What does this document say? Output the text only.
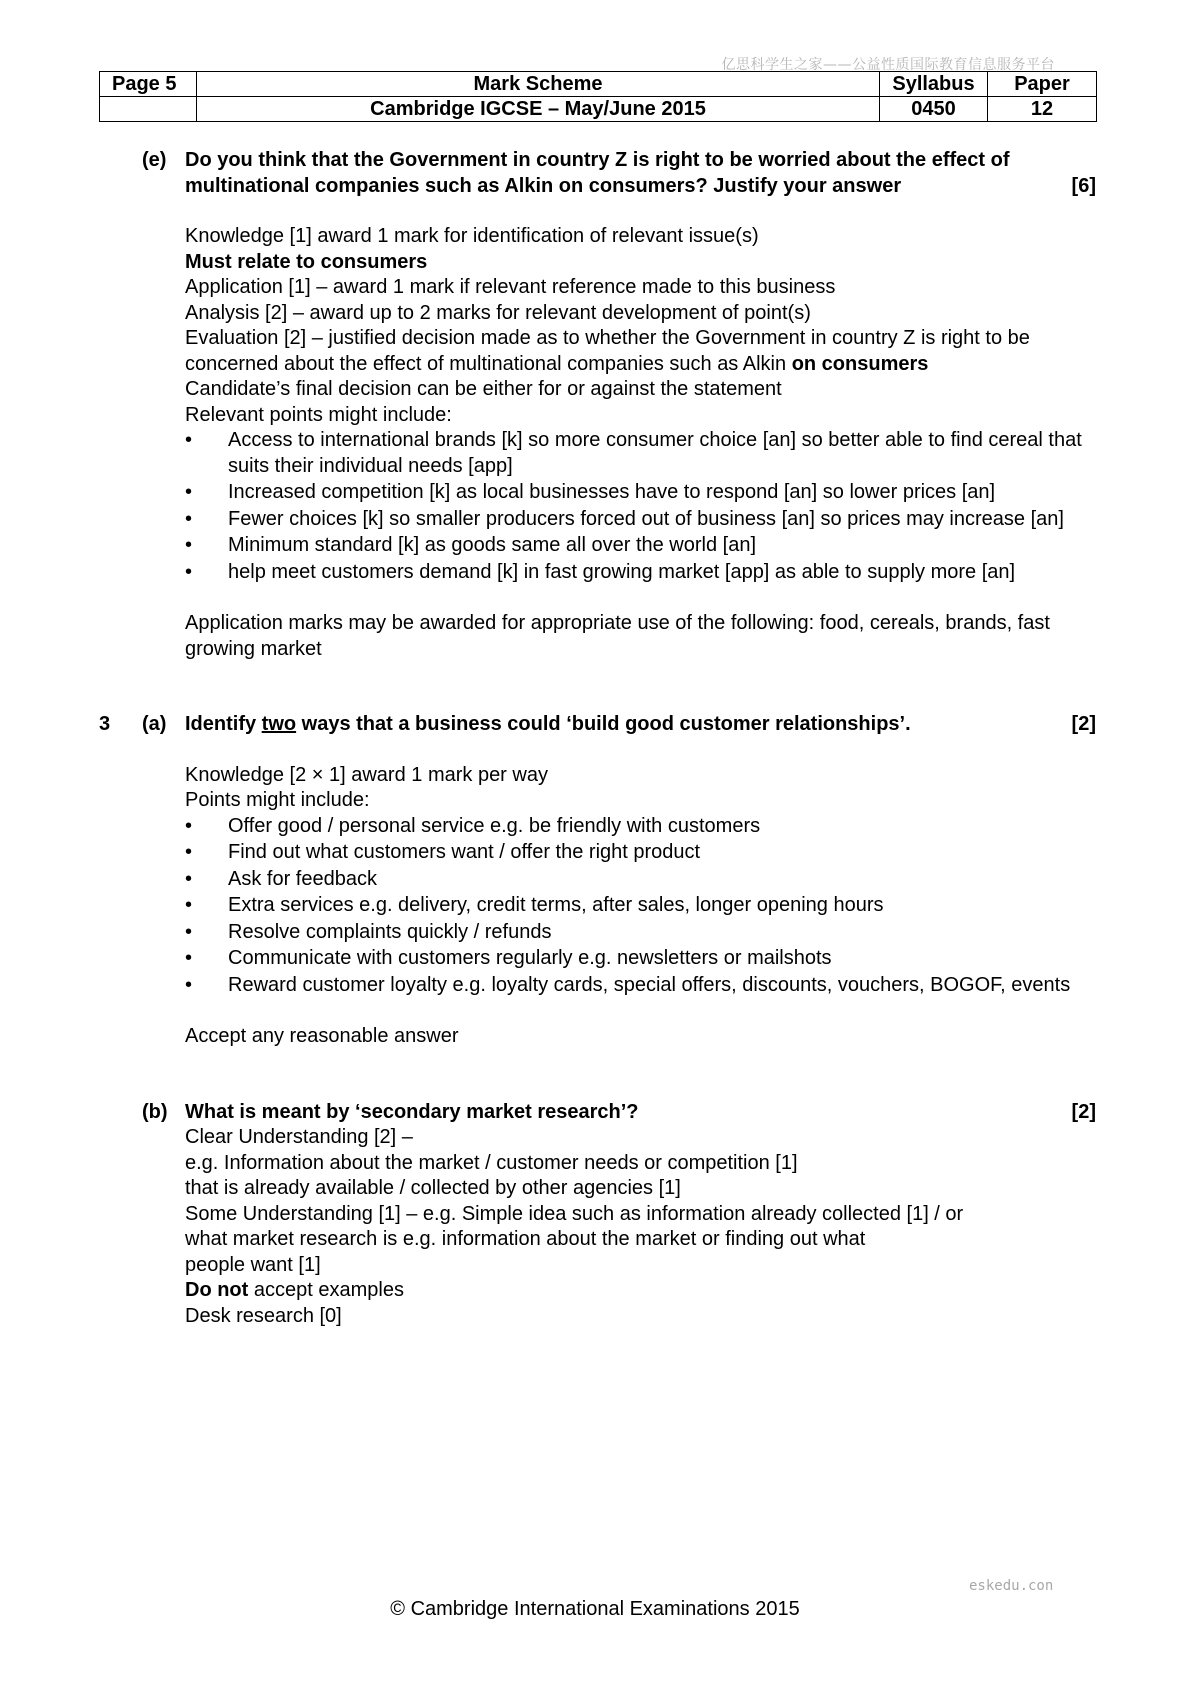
亿思科学生之家——公益性质国际教育信息服务平台
Page 5	Mark Scheme	Syllabus	Paper
	Cambridge IGCSE – May/June 2015	0450	12
(e) Do you think that the Government in country Z is right to be worried about the effect of multinational companies such as Alkin on consumers? Justify your answer	[6]

Knowledge [1] award 1 mark for identification of relevant issue(s)

Must relate to consumers

Application [1] – award 1 mark if relevant reference made to this business

Analysis [2] – award up to 2 marks for relevant development of point(s)

Evaluation [2] – justified decision made as to whether the Government in country Z is right to be concerned about the effect of multinational companies such as Alkin on consumers

Candidate’s final decision can be either for or against the statement

Relevant points might include:

• Access to international brands [k] so more consumer choice [an] so better able to find cereal that suits their individual needs [app]
• Increased competition [k] as local businesses have to respond [an] so lower prices [an]
• Fewer choices [k] so smaller producers forced out of business [an] so prices may increase [an]
• Minimum standard [k] as goods same all over the world [an]
• help meet customers demand [k] in fast growing market [app] as able to supply more [an]

Application marks may be awarded for appropriate use of the following: food, cereals, brands, fast growing market

3 (a) Identify two ways that a business could ‘build good customer relationships’.	[2]

Knowledge [2 × 1] award 1 mark per way

Points might include:

• Offer good / personal service e.g. be friendly with customers
• Find out what customers want / offer the right product
• Ask for feedback
• Extra services e.g. delivery, credit terms, after sales, longer opening hours
• Resolve complaints quickly / refunds
• Communicate with customers regularly e.g. newsletters or mailshots
• Reward customer loyalty e.g. loyalty cards, special offers, discounts, vouchers, BOGOF, events

Accept any reasonable answer

(b) What is meant by ‘secondary market research’?	[2]

Clear Understanding [2] –

e.g. Information about the market / customer needs or competition [1]

that is already available / collected by other agencies [1]

Some Understanding [1] – e.g. Simple idea such as information already collected [1] / or

what market research is e.g. information about the market or finding out what

people want [1]

Do not accept examples

Desk research [0]

eskedu.con
© Cambridge International Examinations 2015
